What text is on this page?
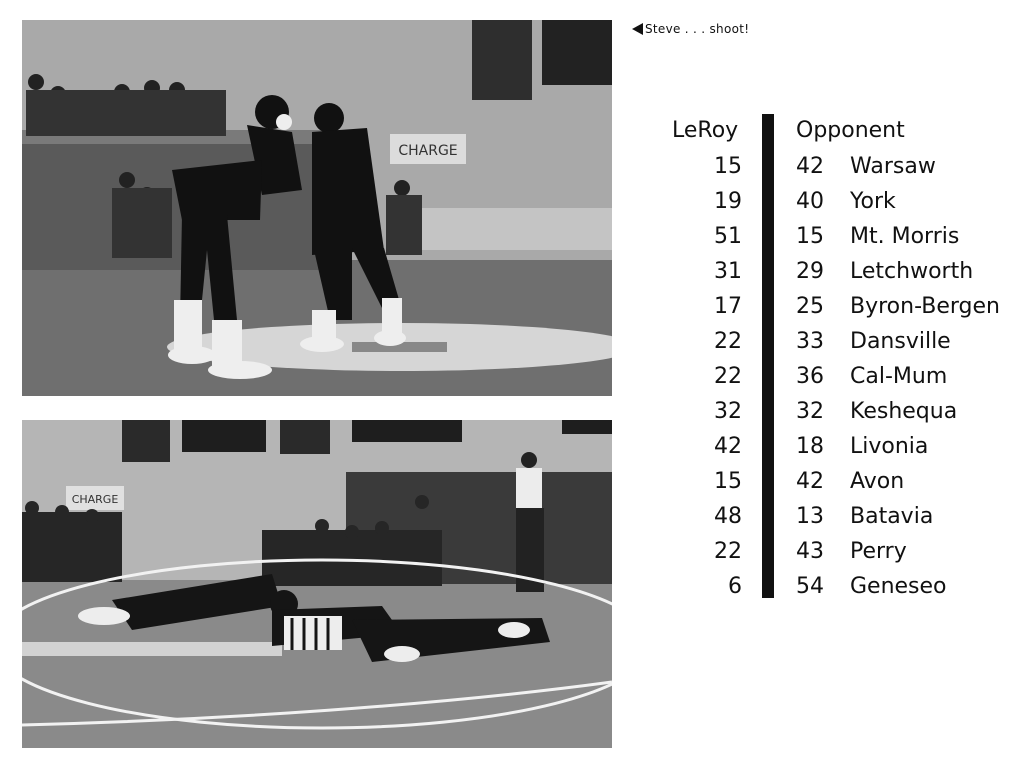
CHARGE
CHARGE
Steve . . . shoot!
LeRoy	Opponent
15 42	Warsaw
19 40	York
51 15	Mt. Morris
31 29	Letchworth
17 25	Byron-Bergen
22 33	Dansville
22 36	Cal-Mum
32 32	Keshequa
42 18	Livonia
15 42	Avon
48 13	Batavia
22 43	Perry
6 54	Geneseo
